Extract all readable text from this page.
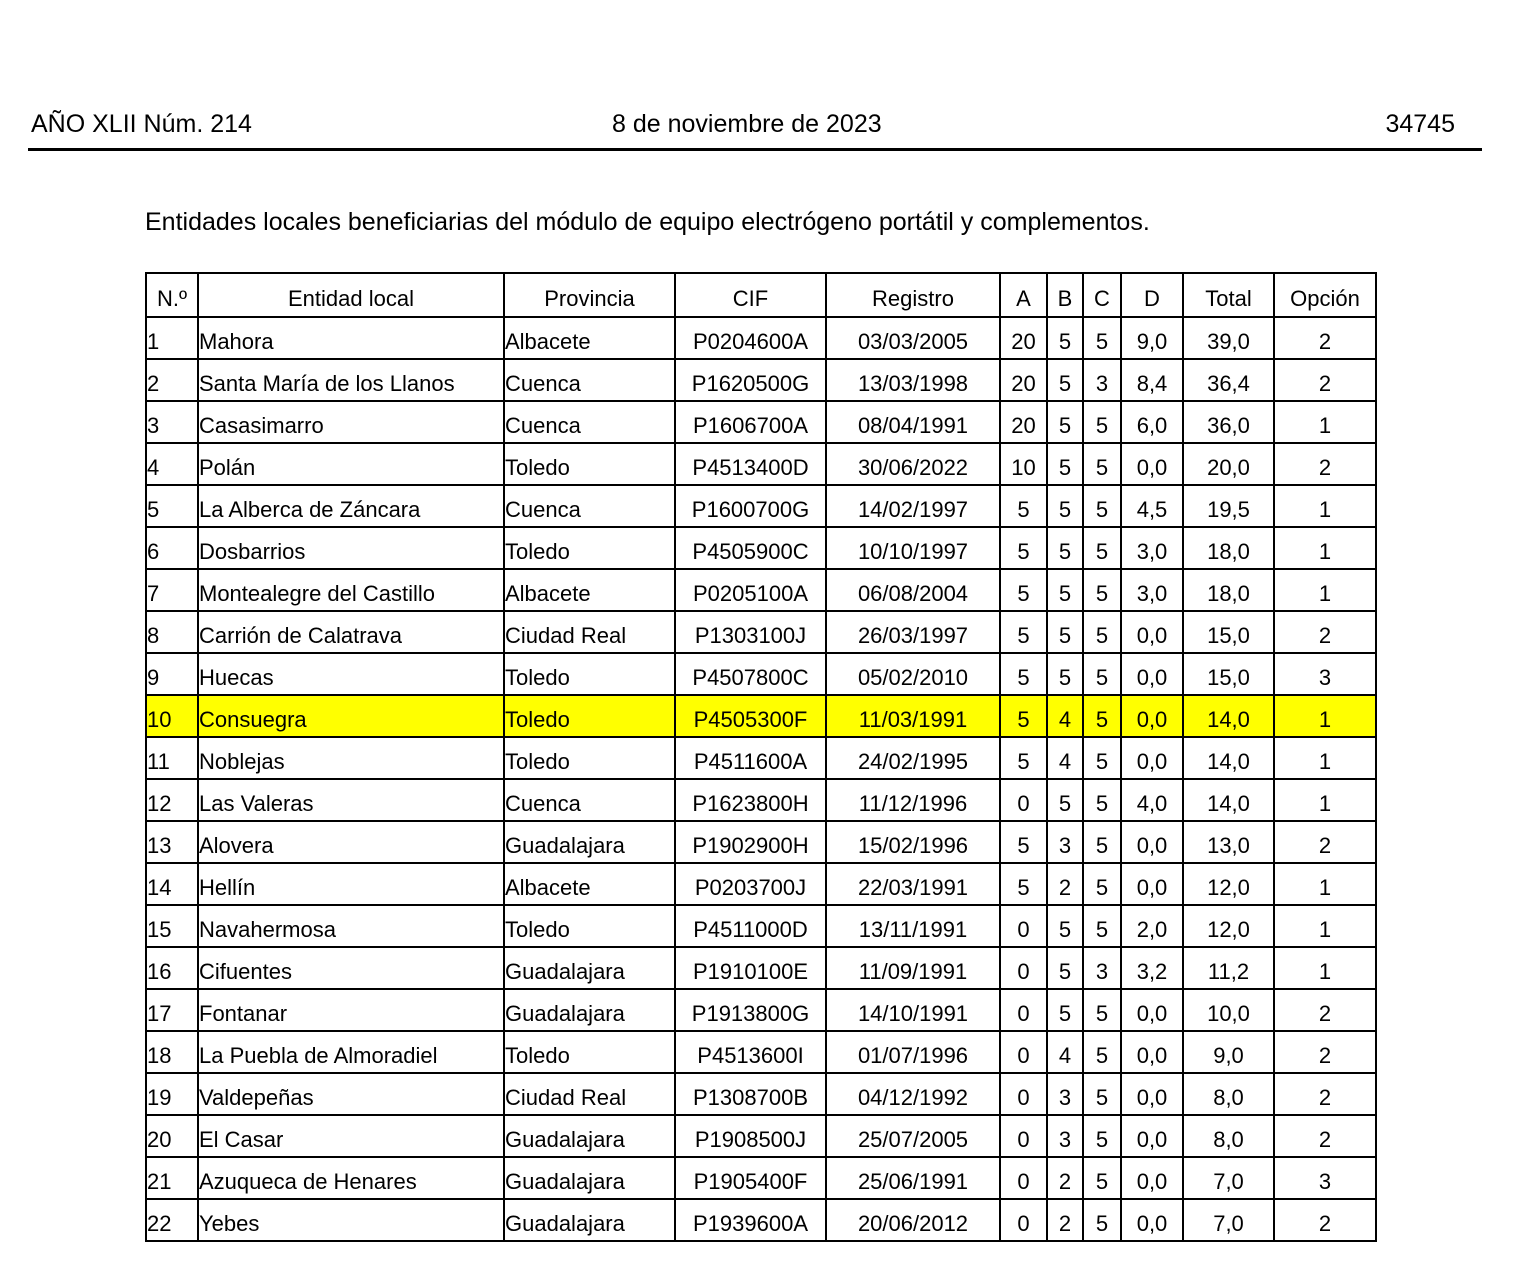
AÑO XLII Núm. 214	8 de noviembre de 2023	34745
Entidades locales beneficiarias del módulo de equipo electrógeno portátil y complementos.
N.º	Entidad local	Provincia	CIF	Registro	A	B	C	D	Total	Opción
1	Mahora	Albacete	P0204600A	03/03/2005	20	5	5	9,0	39,0	2
2	Santa María de los Llanos	Cuenca	P1620500G	13/03/1998	20	5	3	8,4	36,4	2
3	Casasimarro	Cuenca	P1606700A	08/04/1991	20	5	5	6,0	36,0	1
4	Polán	Toledo	P4513400D	30/06/2022	10	5	5	0,0	20,0	2
5	La Alberca de Záncara	Cuenca	P1600700G	14/02/1997	5	5	5	4,5	19,5	1
6	Dosbarrios	Toledo	P4505900C	10/10/1997	5	5	5	3,0	18,0	1
7	Montealegre del Castillo	Albacete	P0205100A	06/08/2004	5	5	5	3,0	18,0	1
8	Carrión de Calatrava	Ciudad Real	P1303100J	26/03/1997	5	5	5	0,0	15,0	2
9	Huecas	Toledo	P4507800C	05/02/2010	5	5	5	0,0	15,0	3
10	Consuegra	Toledo	P4505300F	11/03/1991	5	4	5	0,0	14,0	1
11	Noblejas	Toledo	P4511600A	24/02/1995	5	4	5	0,0	14,0	1
12	Las Valeras	Cuenca	P1623800H	11/12/1996	0	5	5	4,0	14,0	1
13	Alovera	Guadalajara	P1902900H	15/02/1996	5	3	5	0,0	13,0	2
14	Hellín	Albacete	P0203700J	22/03/1991	5	2	5	0,0	12,0	1
15	Navahermosa	Toledo	P4511000D	13/11/1991	0	5	5	2,0	12,0	1
16	Cifuentes	Guadalajara	P1910100E	11/09/1991	0	5	3	3,2	11,2	1
17	Fontanar	Guadalajara	P1913800G	14/10/1991	0	5	5	0,0	10,0	2
18	La Puebla de Almoradiel	Toledo	P4513600I	01/07/1996	0	4	5	0,0	9,0	2
19	Valdepeñas	Ciudad Real	P1308700B	04/12/1992	0	3	5	0,0	8,0	2
20	El Casar	Guadalajara	P1908500J	25/07/2005	0	3	5	0,0	8,0	2
21	Azuqueca de Henares	Guadalajara	P1905400F	25/06/1991	0	2	5	0,0	7,0	3
22	Yebes	Guadalajara	P1939600A	20/06/2012	0	2	5	0,0	7,0	2
